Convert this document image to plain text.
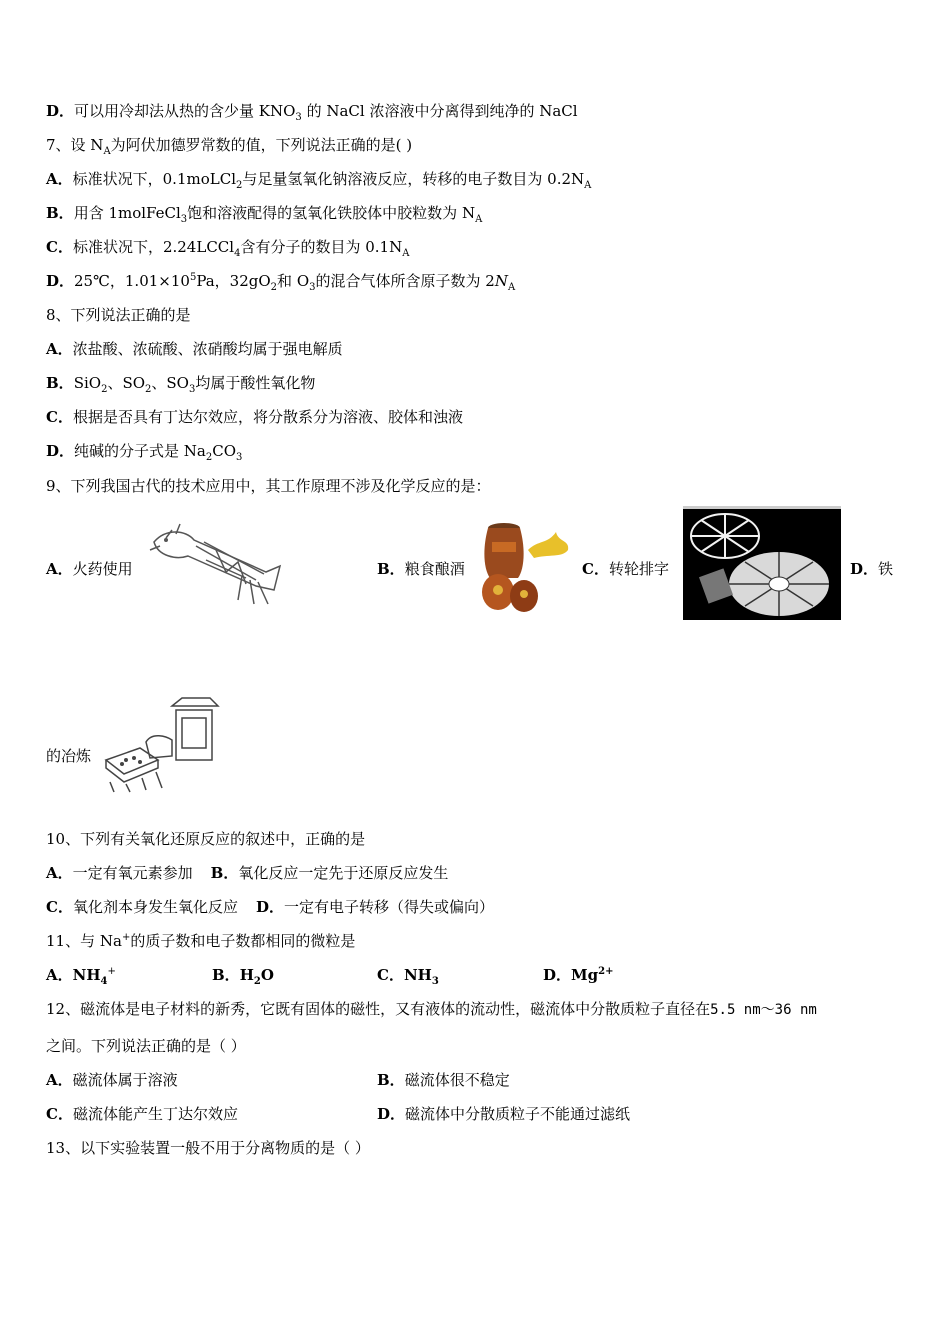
D．可以用冷却法从热的含少量 $KNO_3$ 的 NaCl 浓溶液中分离得到纯净的 NaCl
7、设 $N_A$为阿伏加德罗常数的值，下列说法正确的是( )
A．标准状况下，0.1moLCl$_2$与足量氢氧化钠溶液反应，转移的电子数目为 $0.2N_A$
B．用含 1molFeCl$_3$饱和溶液配得的氢氧化铁胶体中胶粒数为 $N_A$
C．标准状况下，2.24LCCl$_4$含有分子的数目为 $0.1N_A$
D．25℃，$1.01\times 10^5Pa$，$32gO_2$和 $O_3$的混合气体所含原子数为 $2N_A$
8、下列说法正确的是
A．浓盐酸、浓硫酸、浓硝酸均属于强电解质
B．SiO$_2$、$SO_2$、$SO_3$均属于酸性氧化物
C．根据是否具有丁达尔效应，将分散系分为溶液、胶体和浊液
D．纯碱的分子式是 $Na_2CO_3$
9、下列我国古代的技术应用中，其工作原理不涉及化学反应的是：
A．火药使用	B．粮食酿酒	C．转轮排字	D．铁
的冶炼
10、下列有关氧化还原反应的叙述中，正确的是
A．一定有氧元素参加 B．氧化反应一定先于还原反应发生
C．氧化剂本身发生氧化反应 D．一定有电子转移（得失或偏向）
11、与 Na+的质子数和电子数都相同的微粒是
A．$NH_4^+$	B．$H_2O$	C．$NH_3$	D．$Mg^{2+}$
12、磁流体是电子材料的新秀，它既有固体的磁性，又有液体的流动性，磁流体中分散质粒子直径在5.5 nm～36 nm
之间。下列说法正确的是（ ）
A．磁流体属于溶液	B．磁流体很不稳定
C．磁流体能产生丁达尔效应	D．磁流体中分散质粒子不能通过滤纸
13、以下实验装置一般不用于分离物质的是（ ）
